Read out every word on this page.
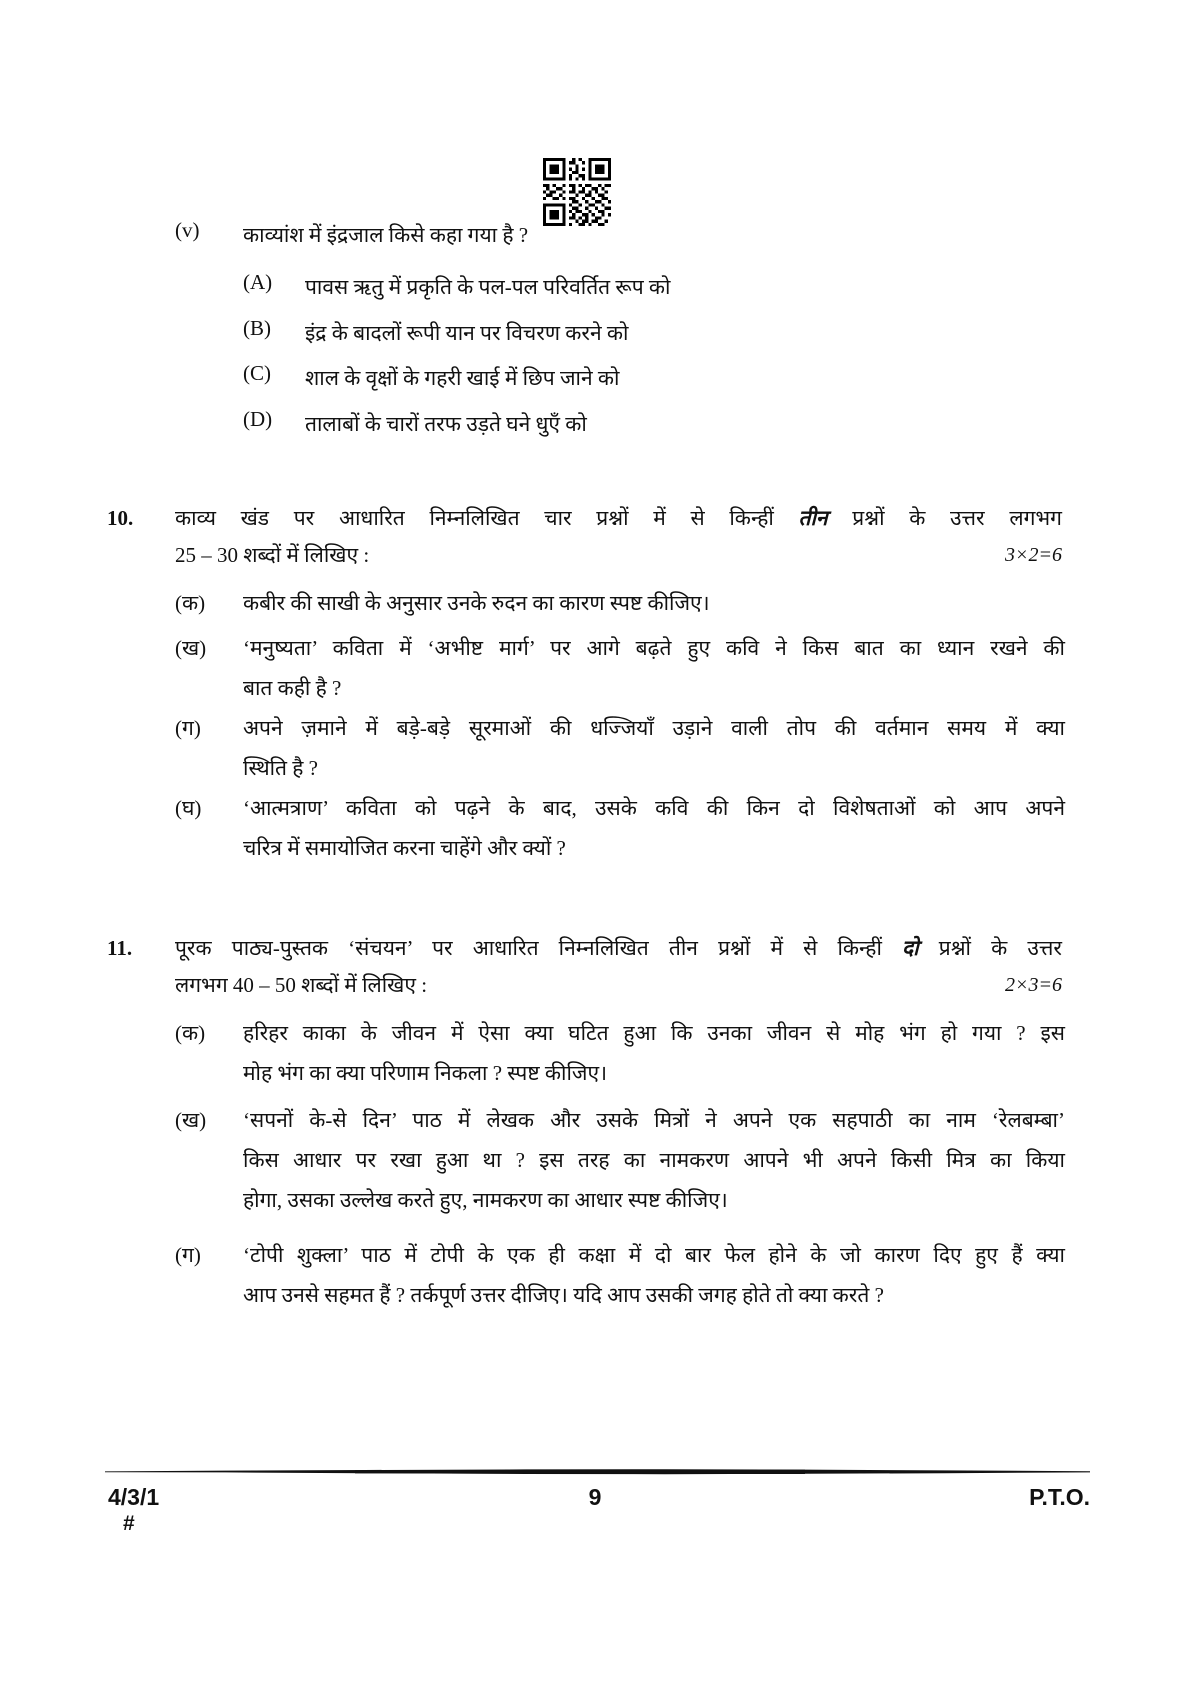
(v)	काव्यांश में इंद्रजाल किसे कहा गया है ?
(A)	पावस ऋतु में प्रकृति के पल-पल परिवर्तित रूप को
(B)	इंद्र के बादलों रूपी यान पर विचरण करने को
(C)	शाल के वृक्षों के गहरी खाई में छिप जाने को
(D)	तालाबों के चारों तरफ उड़ते घने धुएँ को
10.	काव्य खंड पर आधारित निम्नलिखित चार प्रश्नों में से किन्हीं तीन प्रश्नों के उत्तर लगभग
25 – 30 शब्दों में लिखिए :	3×2=6
(क)	कबीर की साखी के अनुसार उनके रुदन का कारण स्पष्ट कीजिए।
(ख)	‘मनुष्यता’ कविता में ‘अभीष्ट मार्ग’ पर आगे बढ़ते हुए कवि ने किस बात का ध्यान रखने की
बात कही है ?
(ग)	अपने ज़माने में बड़े-बड़े सूरमाओं की धज्जियाँ उड़ाने वाली तोप की वर्तमान समय में क्या
स्थिति है ?
(घ)	‘आत्मत्राण’ कविता को पढ़ने के बाद, उसके कवि की किन दो विशेषताओं को आप अपने
चरित्र में समायोजित करना चाहेंगे और क्यों ?
11.	पूरक पाठ्य-पुस्तक ‘संचयन’ पर आधारित निम्नलिखित तीन प्रश्नों में से किन्हीं दो प्रश्नों के उत्तर
लगभग 40 – 50 शब्दों में लिखिए :	2×3=6
(क)	हरिहर काका के जीवन में ऐसा क्या घटित हुआ कि उनका जीवन से मोह भंग हो गया ? इस
मोह भंग का क्या परिणाम निकला ? स्पष्ट कीजिए।
(ख)	‘सपनों के-से दिन’ पाठ में लेखक और उसके मित्रों ने अपने एक सहपाठी का नाम ‘रेलबम्बा’
किस आधार पर रखा हुआ था ? इस तरह का नामकरण आपने भी अपने किसी मित्र का किया
होगा, उसका उल्लेख करते हुए, नामकरण का आधार स्पष्ट कीजिए।
(ग)	‘टोपी शुक्ला’ पाठ में टोपी के एक ही कक्षा में दो बार फेल होने के जो कारण दिए हुए हैं क्या
आप उनसे सहमत हैं ? तर्कपूर्ण उत्तर दीजिए। यदि आप उसकी जगह होते तो क्या करते ?
4/3/1
#
9	P.T.O.
